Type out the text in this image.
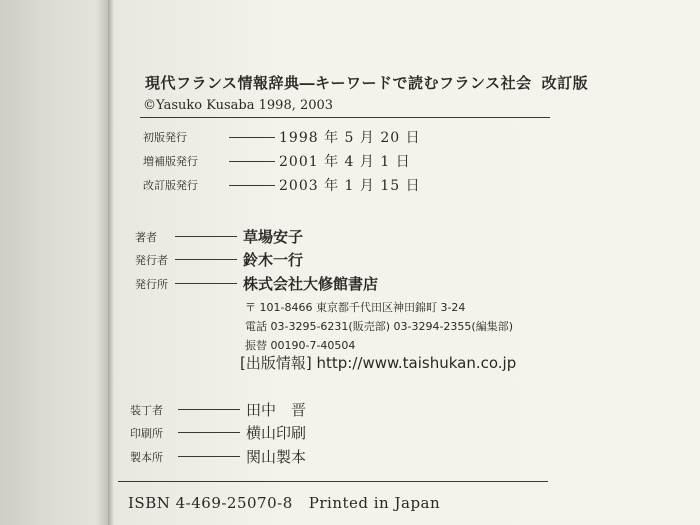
現代フランス情報辞典―キーワードで読むフランス社会 改訂版
©Yasuko Kusaba 1998, 2003
初版発行	1998 年 5 月 20 日
増補版発行	2001 年 4 月 1 日
改訂版発行	2003 年 1 月 15 日
著者	草場安子
発行者	鈴木一行
発行所	株式会社大修館書店
〒 101-8466 東京都千代田区神田錦町 3-24
電話 03-3295-6231(販売部) 03-3294-2355(編集部)
振替 00190-7-40504
[出版情報] http://www.taishukan.co.jp
装丁者	田中　晋
印刷所	横山印刷
製本所	関山製本
ISBN 4-469-25070-8 Printed in Japan
